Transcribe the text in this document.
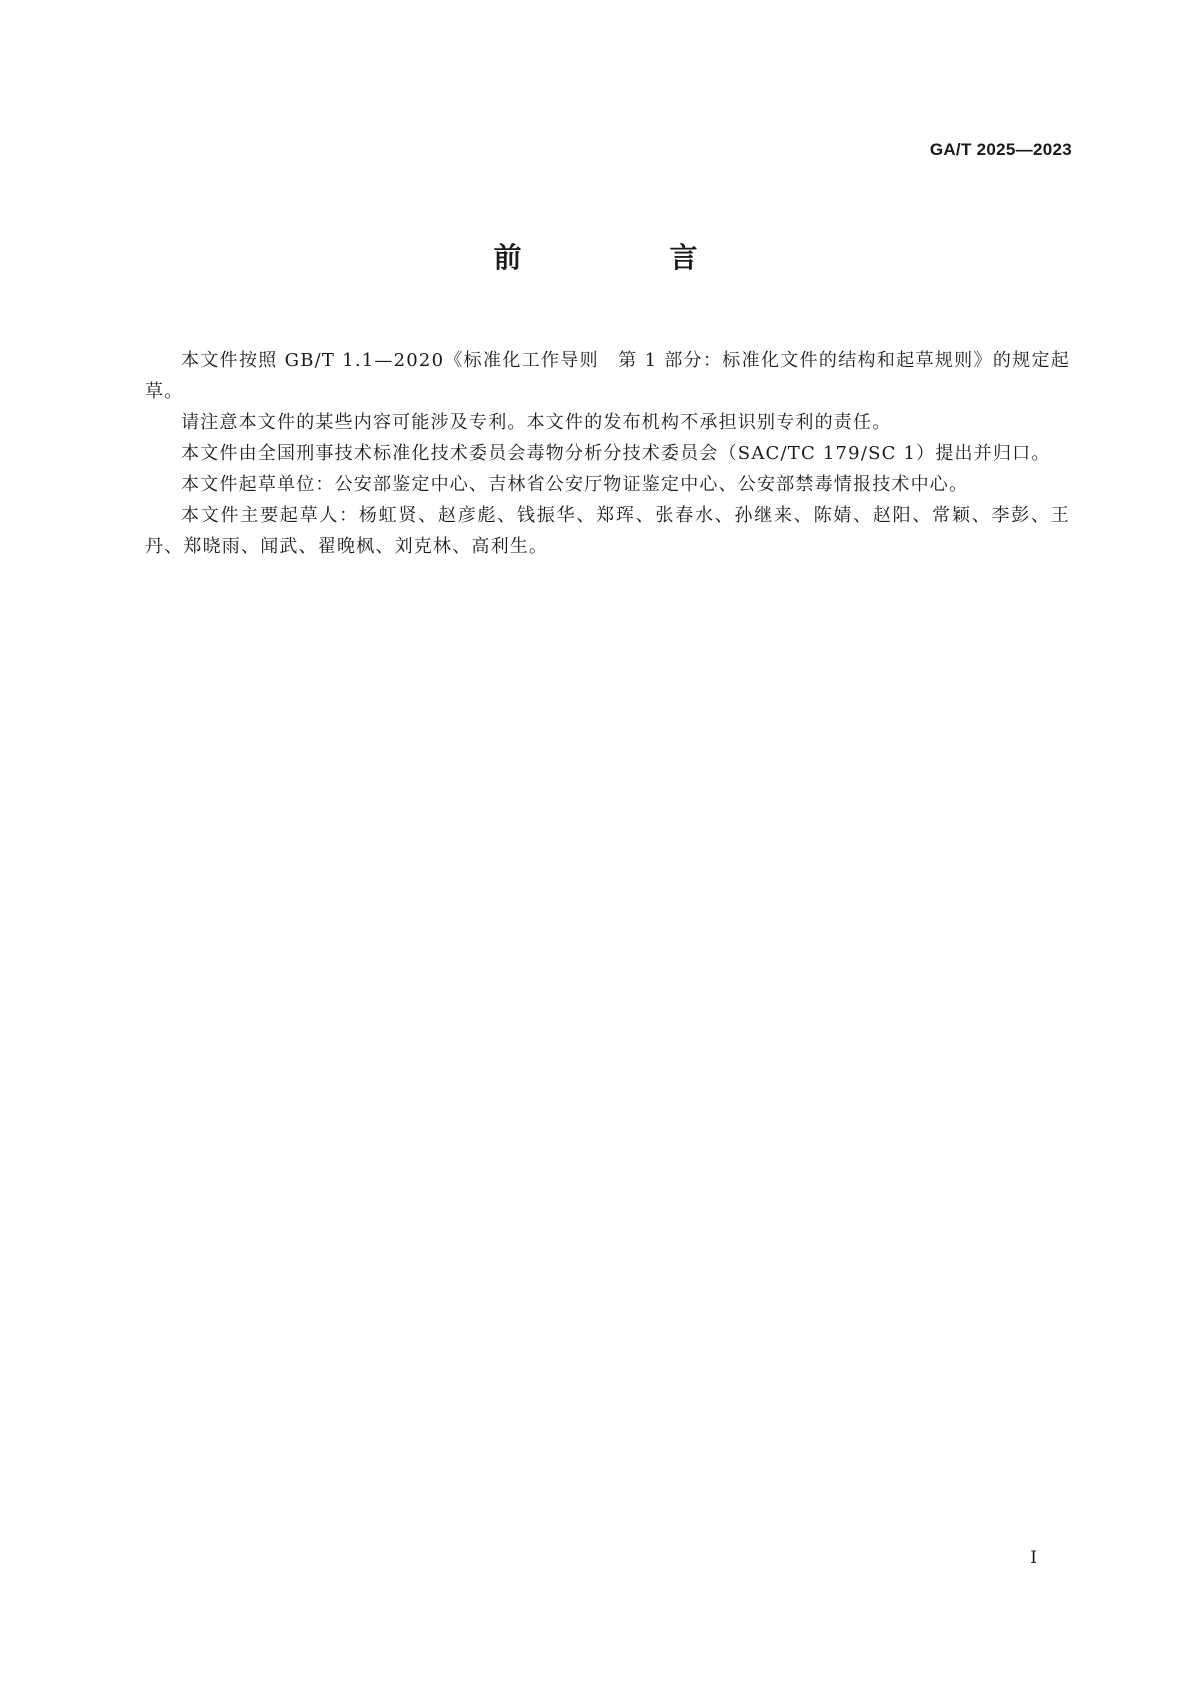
GA/T 2025—2023
前　言

本文件按照 GB/T 1.1—2020《标准化工作导则　第 1 部分：标准化文件的结构和起草规则》的规定起草。

请注意本文件的某些内容可能涉及专利。本文件的发布机构不承担识别专利的责任。

本文件由全国刑事技术标准化技术委员会毒物分析分技术委员会（SAC/TC 179/SC 1）提出并归口。

本文件起草单位：公安部鉴定中心、吉林省公安厅物证鉴定中心、公安部禁毒情报技术中心。

本文件主要起草人：杨虹贤、赵彦彪、钱振华、郑珲、张春水、孙继来、陈婧、赵阳、常颖、李彭、王丹、郑晓雨、闻武、翟晚枫、刘克林、高利生。

I
